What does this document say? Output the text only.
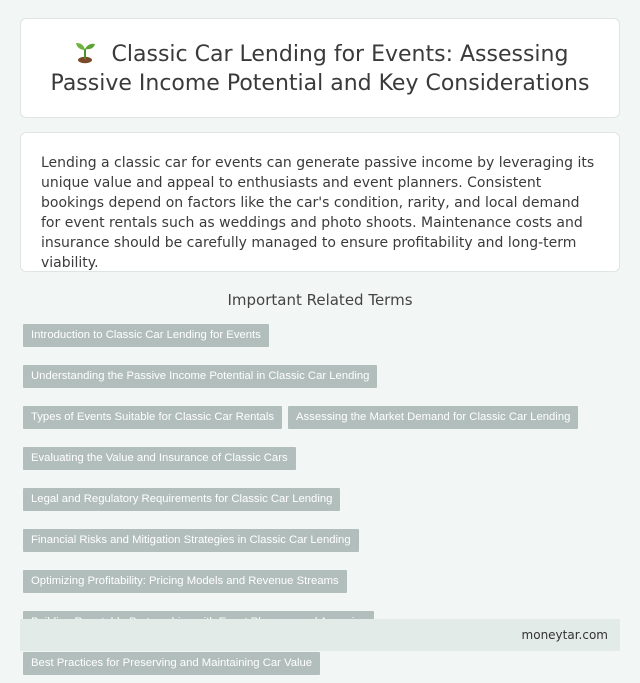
Classic Car Lending for Events: Assessing Passive Income Potential and Key Considerations

Lending a classic car for events can generate passive income by leveraging its unique value and appeal to enthusiasts and event planners. Consistent bookings depend on factors like the car's condition, rarity, and local demand for event rentals such as weddings and photo shoots. Maintenance costs and insurance should be carefully managed to ensure profitability and long-term viability.

Important Related Terms
Introduction to Classic Car Lending for Events
Understanding the Passive Income Potential in Classic Car Lending
Types of Events Suitable for Classic Car Rentals	Assessing the Market Demand for Classic Car Lending
Evaluating the Value and Insurance of Classic Cars
Legal and Regulatory Requirements for Classic Car Lending
Financial Risks and Mitigation Strategies in Classic Car Lending
Optimizing Profitability: Pricing Models and Revenue Streams
Best Practices for Preserving and Maintaining Car Value
moneytar.com
